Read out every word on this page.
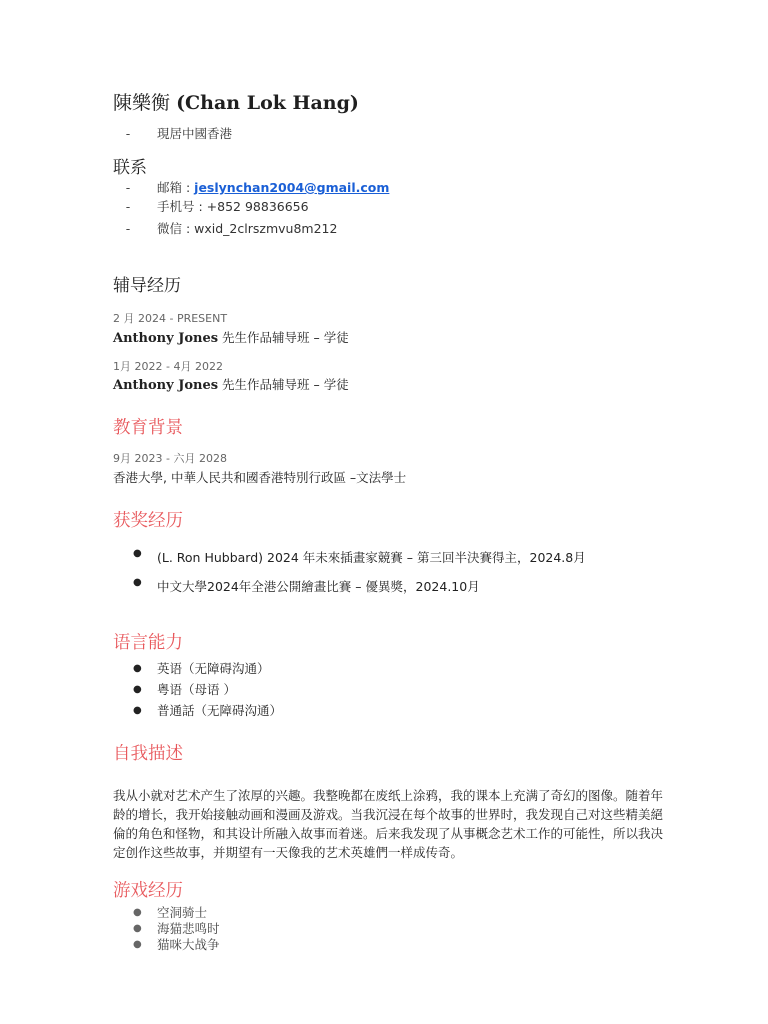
陳樂衡 (Chan Lok Hang)
-	現居中國香港
联系
-	邮箱 : jeslynchan2004@gmail.com
-	手机号 : +852 98836656
-	微信 : wxid_2clrszmvu8m212
辅导经历
2 月 2024 - PRESENT
Anthony Jones 先生作品辅导班 – 学徒
1月 2022 - 4月 2022
Anthony Jones 先生作品辅导班 – 学徒
教育背景
9月 2023 - 六月 2028
香港大學, 中華人民共和國香港特別行政區 –文法學士
获奖经历
● (L. Ron Hubbard) 2024 年未來插畫家競賽 – 第三回半決賽得主，2024.8月
● 中文大學2024年全港公開繪畫比賽 – 優異獎，2024.10月
语言能力
● 英语（无障碍沟通）
● 粤语（母语 ）
● 普通話（无障碍沟通）
自我描述
我从小就对艺术产生了浓厚的兴趣。我整晚都在废纸上涂鸦，我的课本上充满了奇幻的图像。随着年龄的增长，我开始接触动画和漫画及游戏。当我沉浸在每个故事的世界时，我发现自己对这些精美絕倫的角色和怪物，和其设计所融入故事而着迷。后来我发现了从事概念艺术工作的可能性，所以我决定创作这些故事，并期望有一天像我的艺术英雄們一样成传奇。
游戏经历
● 空洞骑士
● 海猫悲鸣时
● 猫咪大战争
